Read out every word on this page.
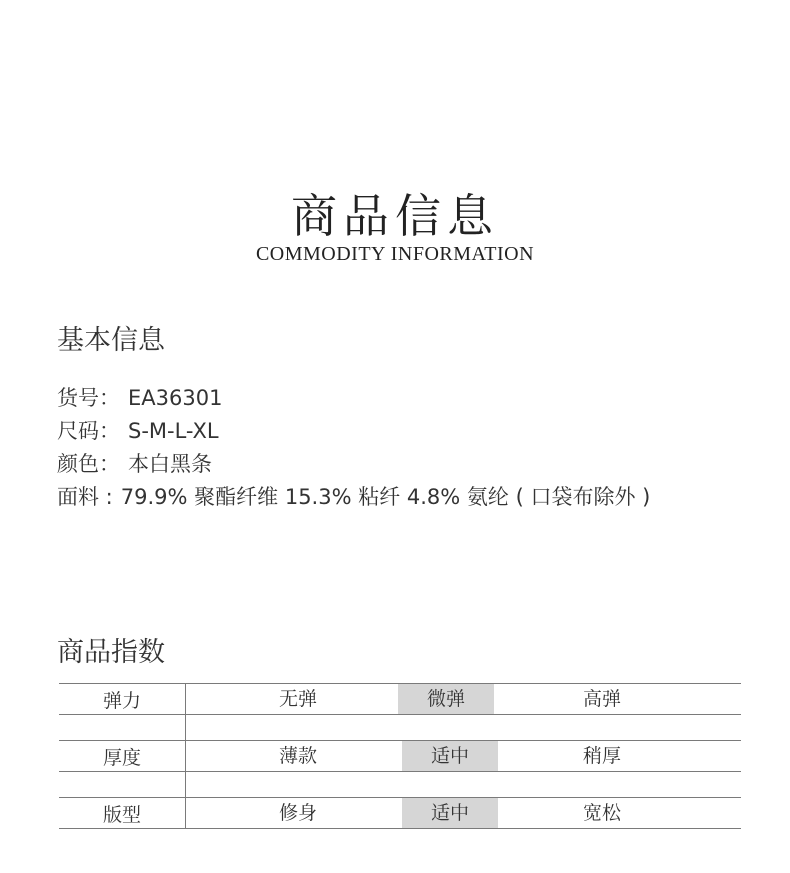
商品信息
COMMODITY INFORMATION
基本信息
货号： EA36301
尺码： S-M-L-XL
颜色： 本白黑条
面料 : 79.9% 聚酯纤维 15.3% 粘纤 4.8% 氨纶 ( 口袋布除外 )
商品指数
弹力	无弹 微弹 高弹

厚度	薄款 适中 稍厚

版型	修身 适中 宽松
